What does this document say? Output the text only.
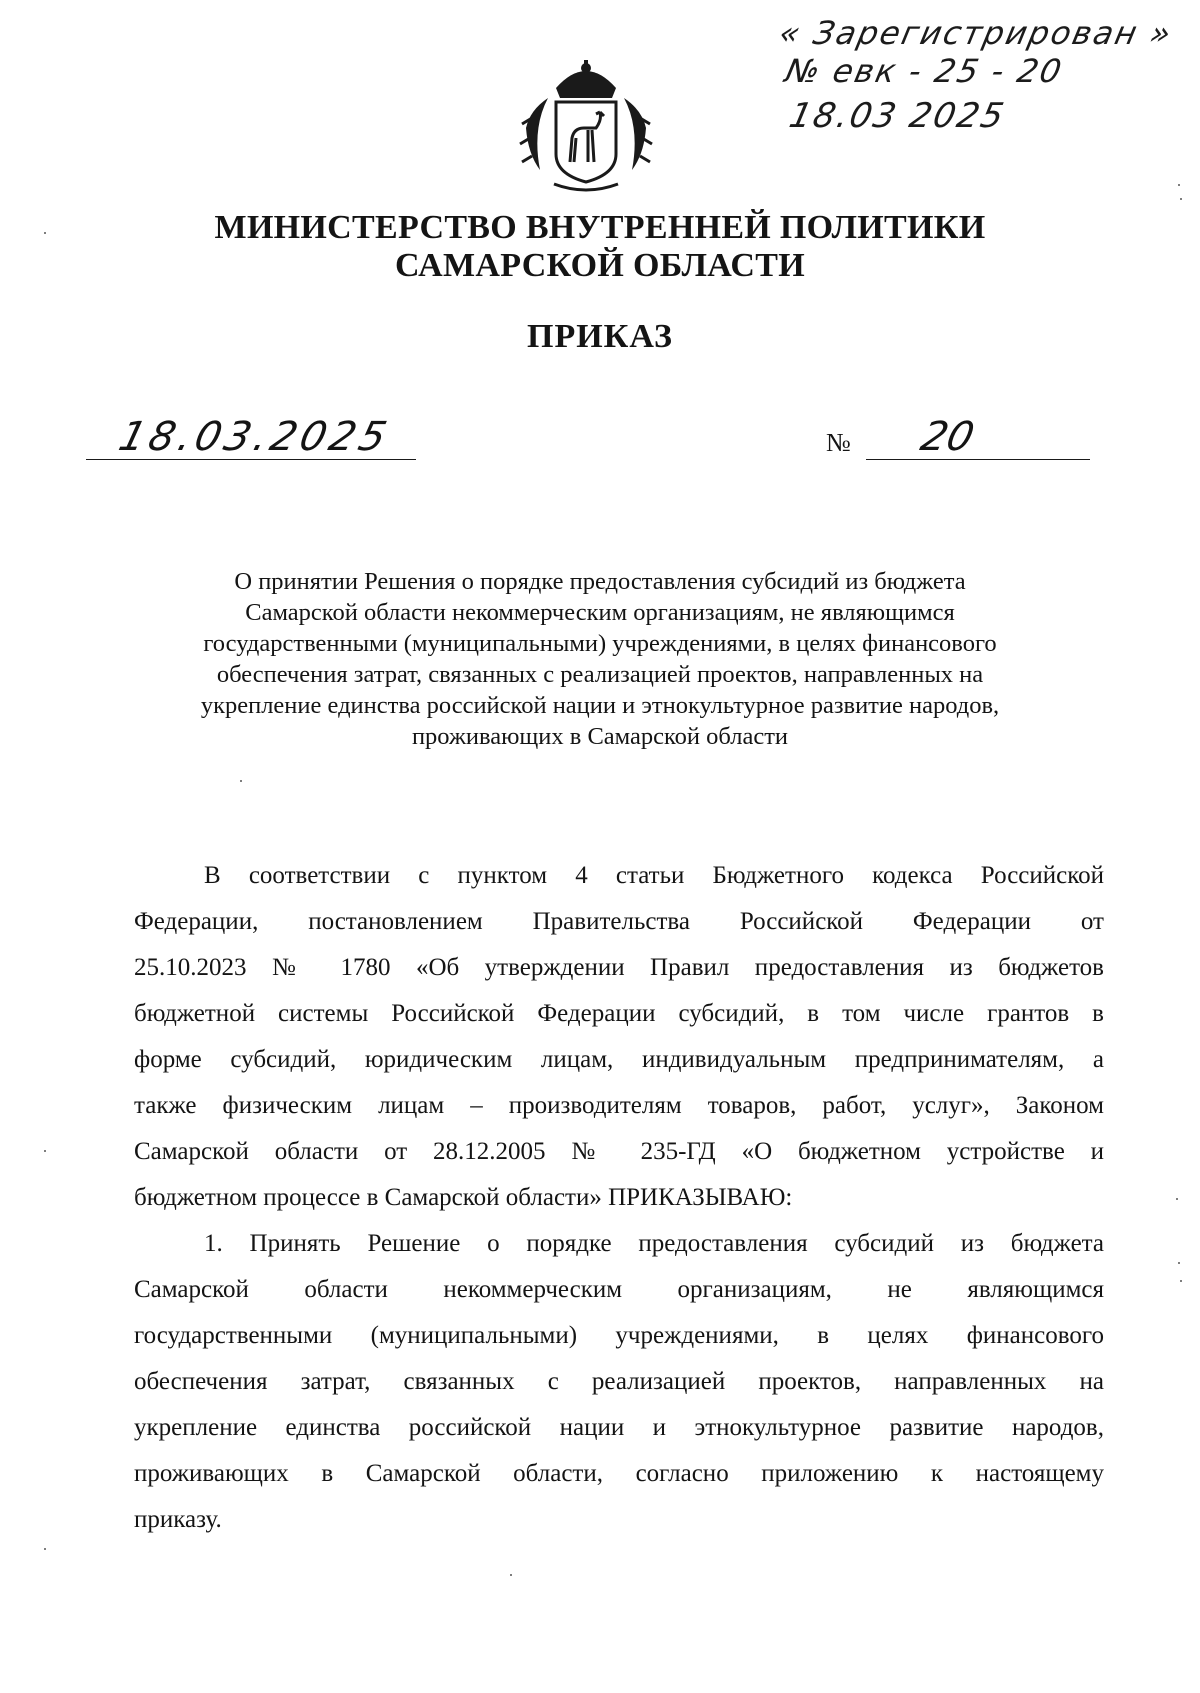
« Зарегистрирован »
№ евк - 25 - 20
18.03 2025
МИНИСТЕРСТВО ВНУТРЕННЕЙ ПОЛИТИКИ
САМАРСКОЙ ОБЛАСТИ
ПРИКАЗ
18.03.2025	№ 20
О принятии Решения о порядке предоставления субсидий из бюджета
Самарской области некоммерческим организациям, не являющимся
государственными (муниципальными) учреждениями, в целях финансового
обеспечения затрат, связанных с реализацией проектов, направленных на
укрепление единства российской нации и этнокультурное развитие народов,
проживающих в Самарской области
В соответствии с пунктом 4 статьи Бюджетного кодекса Российской
Федерации, постановлением Правительства Российской Федерации от
25.10.2023 № 1780 «Об утверждении Правил предоставления из бюджетов
бюджетной системы Российской Федерации субсидий, в том числе грантов в
форме субсидий, юридическим лицам, индивидуальным предпринимателям, а
также физическим лицам – производителям товаров, работ, услуг», Законом
Самарской области от 28.12.2005 № 235-ГД «О бюджетном устройстве и
бюджетном процессе в Самарской области» ПРИКАЗЫВАЮ:
1. Принять Решение о порядке предоставления субсидий из бюджета
Самарской области некоммерческим организациям, не являющимся
государственными (муниципальными) учреждениями, в целях финансового
обеспечения затрат, связанных с реализацией проектов, направленных на
укрепление единства российской нации и этнокультурное развитие народов,
проживающих в Самарской области, согласно приложению к настоящему
приказу.
